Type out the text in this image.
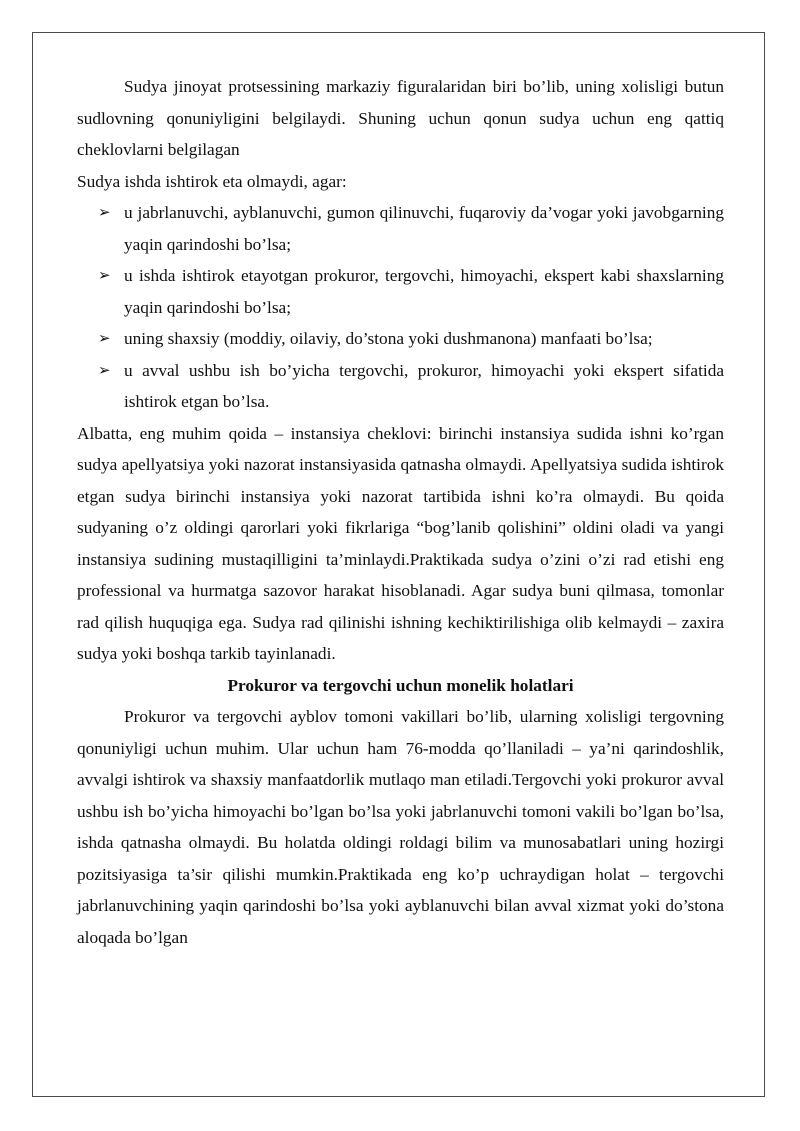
Sudya jinoyat protsessining markaziy figuralaridan biri bo’lib, uning xolisligi butun sudlovning qonuniyligini belgilaydi. Shuning uchun qonun sudya uchun eng qattiq cheklovlarni belgilagan

Sudya ishda ishtirok eta olmaydi, agar:

➢ u jabrlanuvchi, ayblanuvchi, gumon qilinuvchi, fuqaroviy da’vogar yoki javobgarning yaqin qarindoshi bo’lsa;
➢ u ishda ishtirok etayotgan prokuror, tergovchi, himoyachi, ekspert kabi shaxslarning yaqin qarindoshi bo’lsa;
➢ uning shaxsiy (moddiy, oilaviy, do’stona yoki dushmanona) manfaati bo’lsa;
➢ u avval ushbu ish bo’yicha tergovchi, prokuror, himoyachi yoki ekspert sifatida ishtirok etgan bo’lsa.

Albatta, eng muhim qoida – instansiya cheklovi: birinchi instansiya sudida ishni ko’rgan sudya apellyatsiya yoki nazorat instansiyasida qatnasha olmaydi. Apellyatsiya sudida ishtirok etgan sudya birinchi instansiya yoki nazorat tartibida ishni ko’ra olmaydi. Bu qoida sudyaning o’z oldingi qarorlari yoki fikrlariga “bog’lanib qolishini” oldini oladi va yangi instansiya sudining mustaqilligini ta’minlaydi.Praktikada sudya o’zini o’zi rad etishi eng professional va hurmatga sazovor harakat hisoblanadi. Agar sudya buni qilmasa, tomonlar rad qilish huquqiga ega. Sudya rad qilinishi ishning kechiktirilishiga olib kelmaydi – zaxira sudya yoki boshqa tarkib tayinlanadi.

Prokuror va tergovchi uchun monelik holatlari

Prokuror va tergovchi ayblov tomoni vakillari bo’lib, ularning xolisligi tergovning qonuniyligi uchun muhim. Ular uchun ham 76-modda qo’llaniladi – ya’ni qarindoshlik, avvalgi ishtirok va shaxsiy manfaatdorlik mutlaqo man etiladi.Tergovchi yoki prokuror avval ushbu ish bo’yicha himoyachi bo’lgan bo’lsa yoki jabrlanuvchi tomoni vakili bo’lgan bo’lsa, ishda qatnasha olmaydi. Bu holatda oldingi roldagi bilim va munosabatlari uning hozirgi pozitsiyasiga ta’sir qilishi mumkin.Praktikada eng ko’p uchraydigan holat – tergovchi jabrlanuvchining yaqin qarindoshi bo’lsa yoki ayblanuvchi bilan avval xizmat yoki do’stona aloqada bo’lgan
